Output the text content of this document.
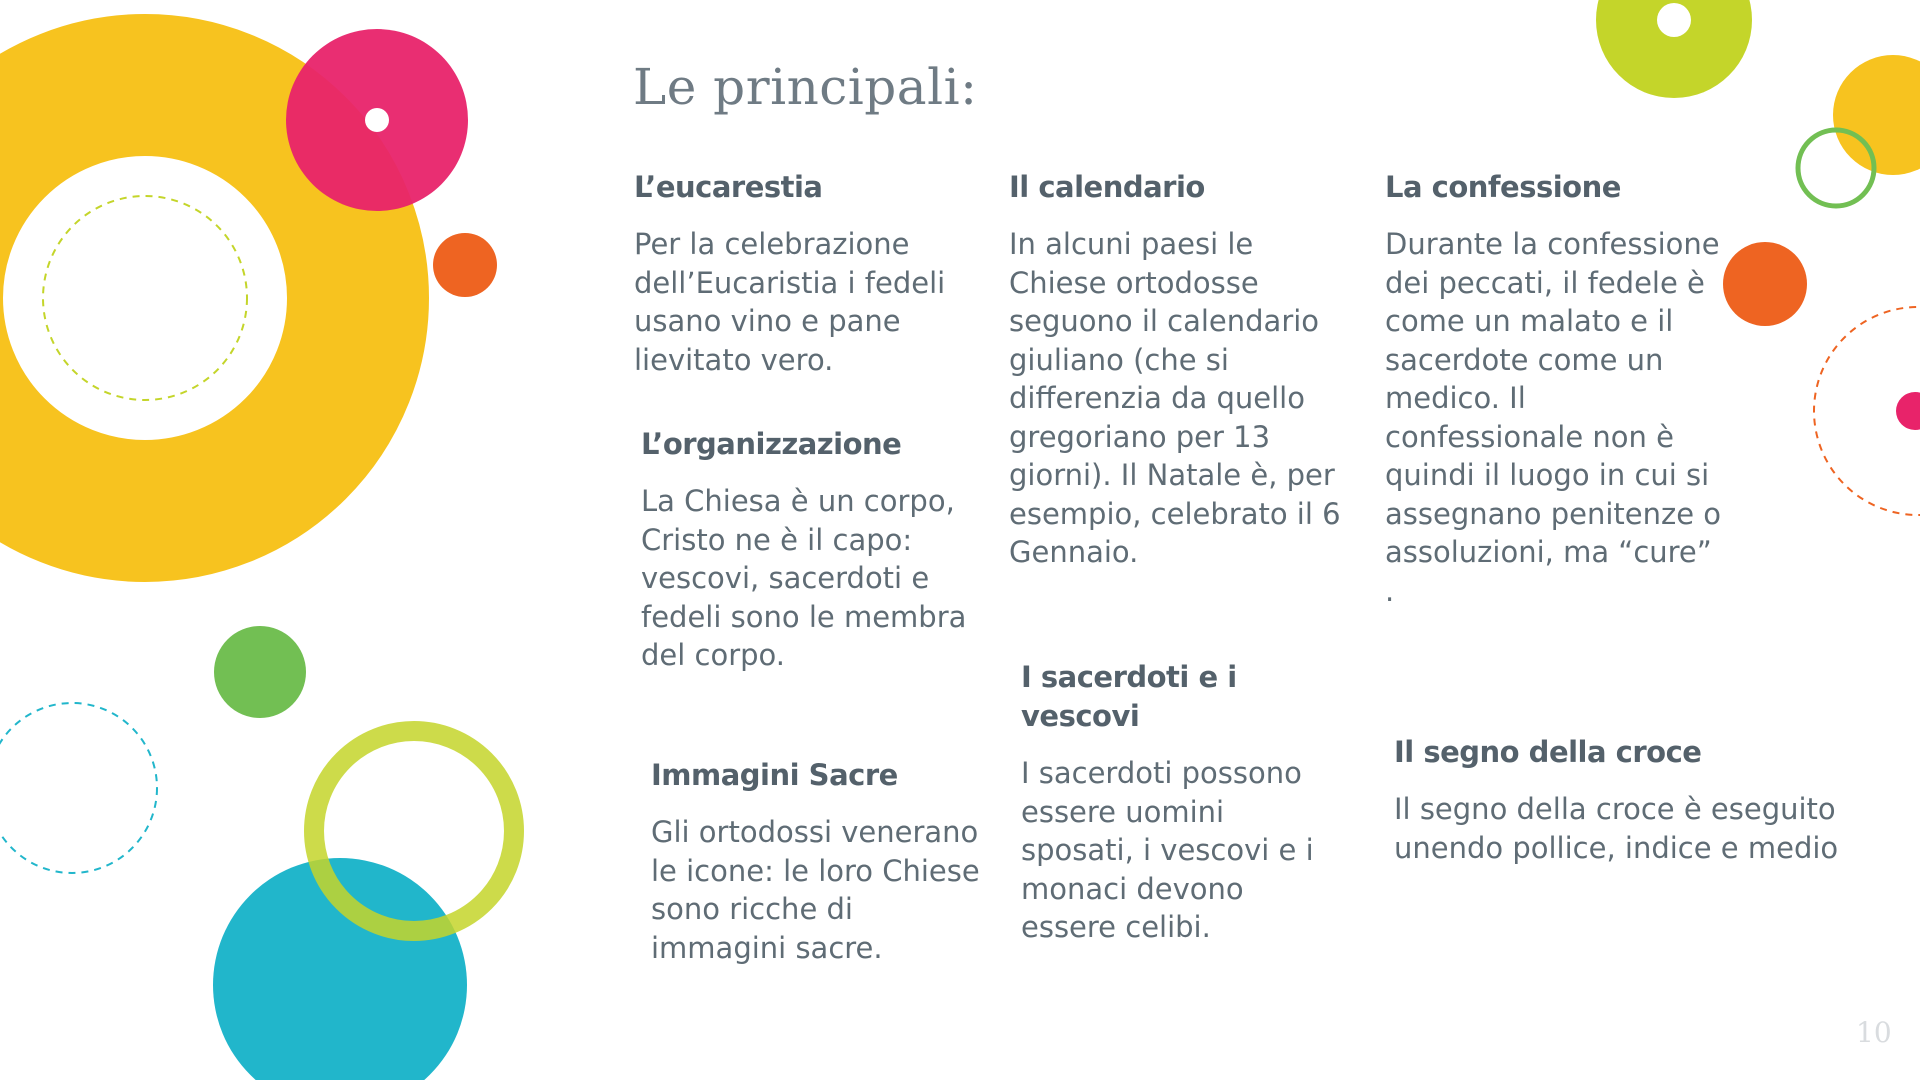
Le principali:
L’eucarestia

Per la celebrazione dell’Eucaristia i fedeli usano vino e pane lievitato vero.

L’organizzazione

La Chiesa è un corpo, Cristo ne è il capo: vescovi, sacerdoti e fedeli sono le membra del corpo.

Immagini Sacre

Gli ortodossi venerano le icone: le loro Chiese sono ricche di immagini sacre.

Il calendario

In alcuni paesi le Chiese ortodosse seguono il calendario giuliano (che si differenzia da quello gregoriano per 13 giorni). Il Natale è, per esempio, celebrato il 6 Gennaio.

I sacerdoti e i vescovi

I sacerdoti possono essere uomini sposati, i vescovi e i monaci devono essere celibi.

La confessione

Durante la confessione dei peccati, il fedele è come un malato e il sacerdote come un medico. Il confessionale non è quindi il luogo in cui si assegnano penitenze o assoluzioni, ma “cure” .

Il segno della croce

Il segno della croce è eseguito unendo pollice, indice e medio

10
